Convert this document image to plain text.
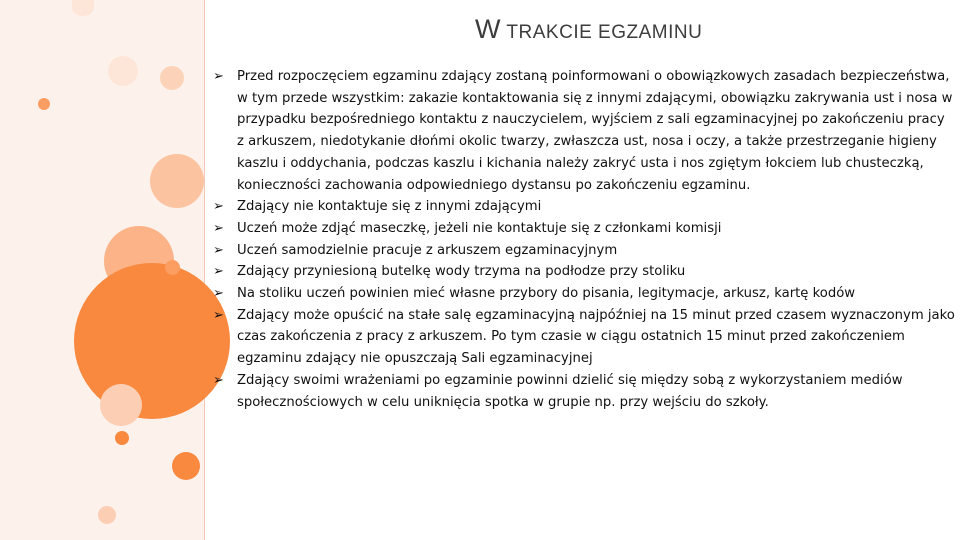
W TRAKCIE EGZAMINU
➢ Przed rozpoczęciem egzaminu zdający zostaną poinformowani o obowiązkowych zasadach bezpieczeństwa, w tym przede wszystkim: zakazie kontaktowania się z innymi zdającymi, obowiązku zakrywania ust i nosa w przypadku bezpośredniego kontaktu z nauczycielem, wyjściem z sali egzaminacyjnej po zakończeniu pracy z arkuszem, niedotykanie dłońmi okolic twarzy, zwłaszcza ust, nosa i oczy, a także przestrzeganie higieny kaszlu i oddychania, podczas kaszlu i kichania należy zakryć usta i nos zgiętym łokciem lub chusteczką, konieczności zachowania odpowiedniego dystansu po zakończeniu egzaminu.
➢ Zdający nie kontaktuje się z innymi zdającymi
➢ Uczeń może zdjąć maseczkę, jeżeli nie kontaktuje się z członkami komisji
➢ Uczeń samodzielnie pracuje z arkuszem egzaminacyjnym
➢ Zdający przyniesioną butelkę wody trzyma na podłodze przy stoliku
➢ Na stoliku uczeń powinien mieć własne przybory do pisania, legitymacje, arkusz, kartę kodów
➢ Zdający może opuścić na stałe salę egzaminacyjną najpóźniej na 15 minut przed czasem wyznaczonym jako czas zakończenia z pracy z arkuszem. Po tym czasie w ciągu ostatnich 15 minut przed zakończeniem egzaminu zdający nie opuszczają Sali egzaminacyjnej
➢ Zdający swoimi wrażeniami po egzaminie powinni dzielić się między sobą z wykorzystaniem mediów społecznościowych w celu uniknięcia spotka w grupie np. przy wejściu do szkoły.
